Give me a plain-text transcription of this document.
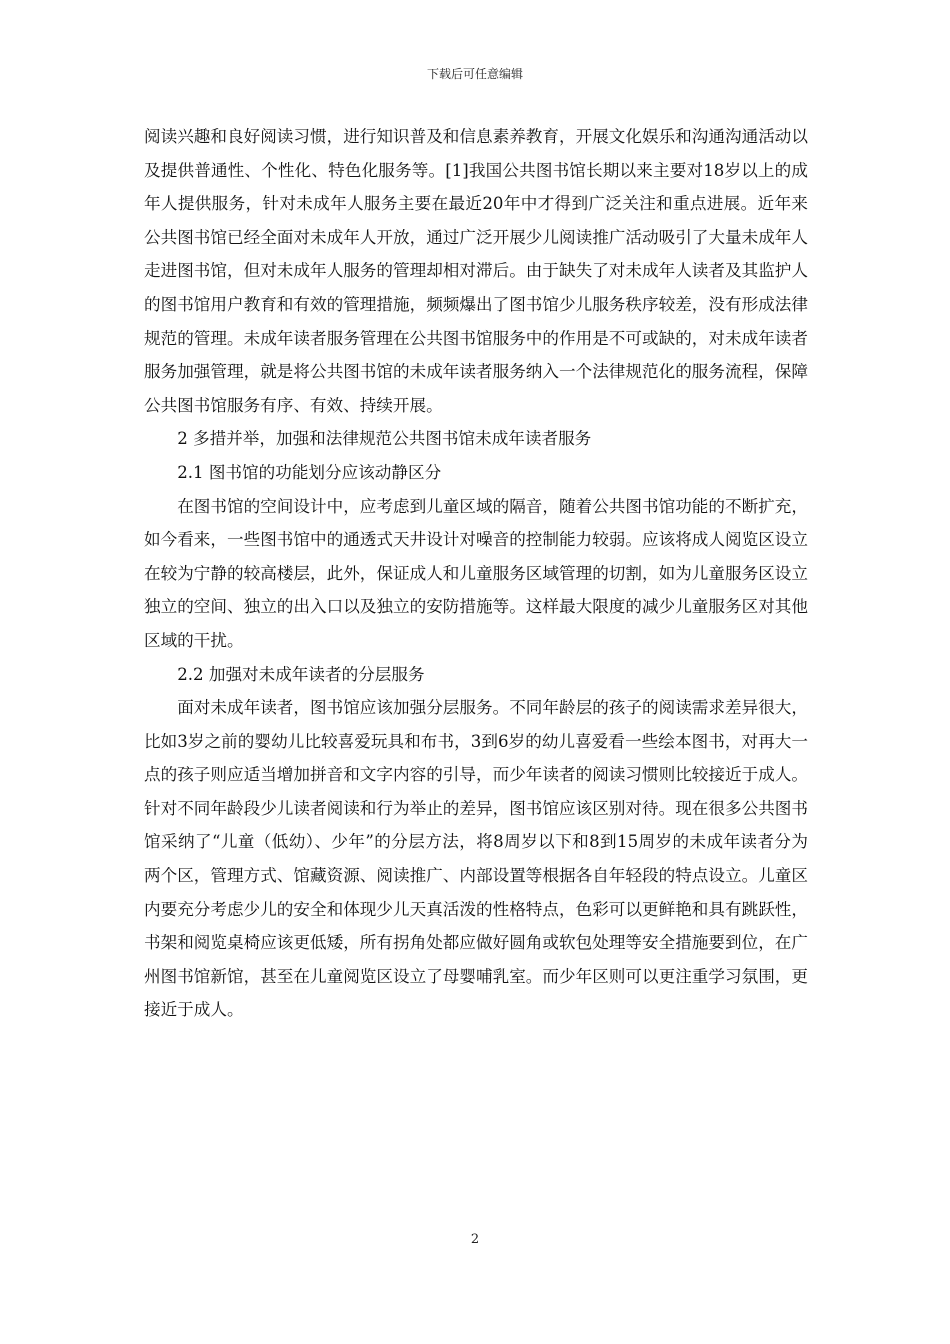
下载后可任意编辑

阅读兴趣和良好阅读习惯，进行知识普及和信息素养教育，开展文化娱乐和沟通沟通活动以及提供普通性、个性化、特色化服务等。[1]我国公共图书馆长期以来主要对18岁以上的成年人提供服务，针对未成年人服务主要在最近20年中才得到广泛关注和重点进展。近年来公共图书馆已经全面对未成年人开放，通过广泛开展少儿阅读推广活动吸引了大量未成年人走进图书馆，但对未成年人服务的管理却相对滞后。由于缺失了对未成年人读者及其监护人的图书馆用户教育和有效的管理措施，频频爆出了图书馆少儿服务秩序较差，没有形成法律规范的管理。未成年读者服务管理在公共图书馆服务中的作用是不可或缺的，对未成年读者服务加强管理，就是将公共图书馆的未成年读者服务纳入一个法律规范化的服务流程，保障公共图书馆服务有序、有效、持续开展。

2 多措并举，加强和法律规范公共图书馆未成年读者服务

2.1 图书馆的功能划分应该动静区分

在图书馆的空间设计中，应考虑到儿童区域的隔音，随着公共图书馆功能的不断扩充，如今看来，一些图书馆中的通透式天井设计对噪音的控制能力较弱。应该将成人阅览区设立在较为宁静的较高楼层，此外，保证成人和儿童服务区域管理的切割，如为儿童服务区设立独立的空间、独立的出入口以及独立的安防措施等。这样最大限度的减少儿童服务区对其他区域的干扰。

2.2 加强对未成年读者的分层服务

面对未成年读者，图书馆应该加强分层服务。不同年龄层的孩子的阅读需求差异很大，比如3岁之前的婴幼儿比较喜爱玩具和布书，3到6岁的幼儿喜爱看一些绘本图书，对再大一点的孩子则应适当增加拼音和文字内容的引导，而少年读者的阅读习惯则比较接近于成人。针对不同年龄段少儿读者阅读和行为举止的差异，图书馆应该区别对待。现在很多公共图书馆采纳了“儿童（低幼）、少年”的分层方法，将8周岁以下和8到15周岁的未成年读者分为两个区，管理方式、馆藏资源、阅读推广、内部设置等根据各自年轻段的特点设立。儿童区内要充分考虑少儿的安全和体现少儿天真活泼的性格特点，色彩可以更鲜艳和具有跳跃性，书架和阅览桌椅应该更低矮，所有拐角处都应做好圆角或软包处理等安全措施要到位，在广州图书馆新馆，甚至在儿童阅览区设立了母婴哺乳室。而少年区则可以更注重学习氛围，更接近于成人。

2
